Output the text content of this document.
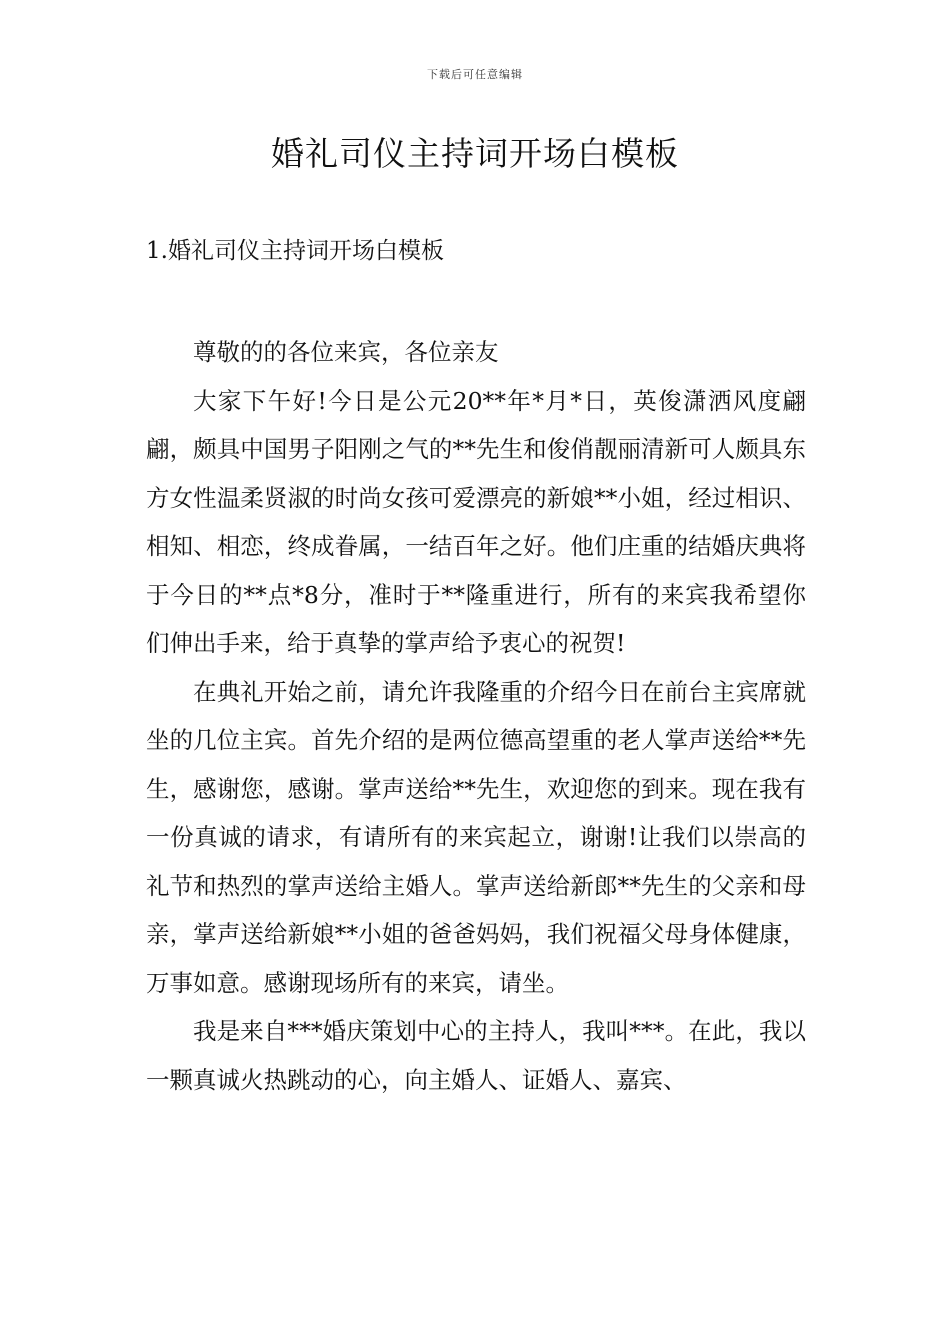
下载后可任意编辑
婚礼司仪主持词开场白模板
1.婚礼司仪主持词开场白模板

尊敬的的各位来宾，各位亲友

大家下午好!今日是公元20**年*月*日，英俊潇洒风度翩翩，颇具中国男子阳刚之气的**先生和俊俏靓丽清新可人颇具东方女性温柔贤淑的时尚女孩可爱漂亮的新娘**小姐，经过相识、相知、相恋，终成眷属，一结百年之好。他们庄重的结婚庆典将于今日的**点*8分，准时于**隆重进行，所有的来宾我希望你们伸出手来，给于真挚的掌声给予衷心的祝贺!

在典礼开始之前，请允许我隆重的介绍今日在前台主宾席就坐的几位主宾。首先介绍的是两位德高望重的老人掌声送给**先生，感谢您，感谢。掌声送给**先生，欢迎您的到来。现在我有一份真诚的请求，有请所有的来宾起立，谢谢!让我们以崇高的礼节和热烈的掌声送给主婚人。掌声送给新郎**先生的父亲和母亲，掌声送给新娘**小姐的爸爸妈妈，我们祝福父母身体健康，万事如意。感谢现场所有的来宾，请坐。

我是来自***婚庆策划中心的主持人，我叫***。在此，我以一颗真诚火热跳动的心，向主婚人、证婚人、嘉宾、
